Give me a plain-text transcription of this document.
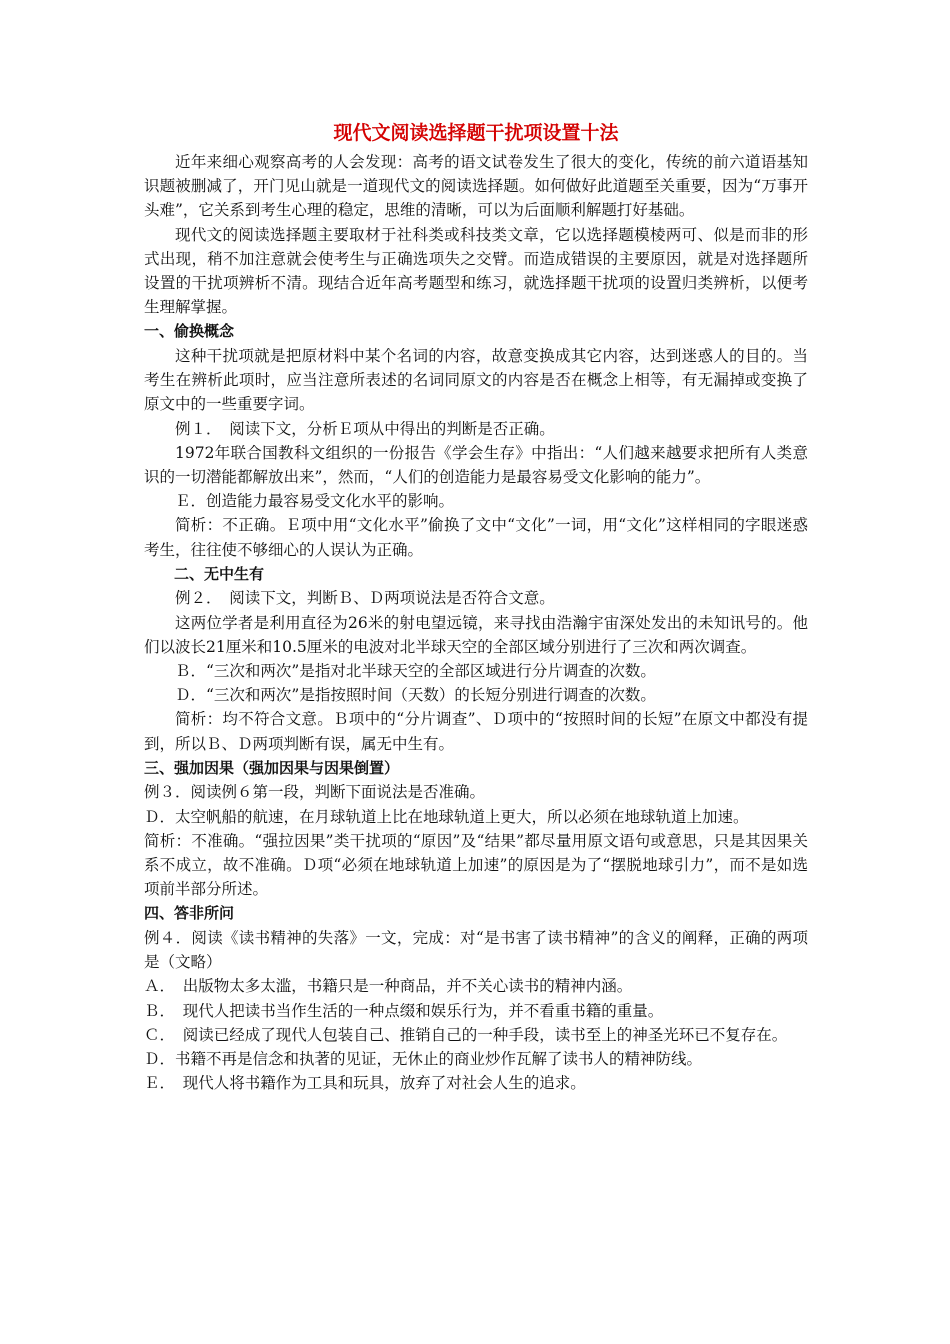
现代文阅读选择题干扰项设置十法

近年来细心观察高考的人会发现：高考的语文试卷发生了很大的变化，传统的前六道语基知识题被删减了，开门见山就是一道现代文的阅读选择题。如何做好此道题至关重要，因为“万事开头难”，它关系到考生心理的稳定，思维的清晰，可以为后面顺利解题打好基础。

现代文的阅读选择题主要取材于社科类或科技类文章，它以选择题模棱两可、似是而非的形式出现，稍不加注意就会使考生与正确选项失之交臂。而造成错误的主要原因，就是对选择题所设置的干扰项辨析不清。现结合近年高考题型和练习，就选择题干扰项的设置归类辨析，以便考生理解掌握。

一、偷换概念

这种干扰项就是把原材料中某个名词的内容，故意变换成其它内容，达到迷惑人的目的。当考生在辨析此项时，应当注意所表述的名词同原文的内容是否在概念上相等，有无漏掉或变换了原文中的一些重要字词。

例１．　阅读下文，分析Ｅ项从中得出的判断是否正确。

1972年联合国教科文组织的一份报告《学会生存》中指出：“人们越来越要求把所有人类意识的一切潜能都解放出来”，然而，“人们的创造能力是最容易受文化影响的能力”。

Ｅ．创造能力最容易受文化水平的影响。

简析：不正确。Ｅ项中用“文化水平”偷换了文中“文化”一词，用“文化”这样相同的字眼迷惑考生，往往使不够细心的人误认为正确。

二、无中生有

例２．　阅读下文，判断Ｂ、Ｄ两项说法是否符合文意。

这两位学者是利用直径为26米的射电望远镜，来寻找由浩瀚宇宙深处发出的未知讯号的。他们以波长21厘米和10.5厘米的电波对北半球天空的全部区域分别进行了三次和两次调查。

Ｂ．“三次和两次”是指对北半球天空的全部区域进行分片调查的次数。

Ｄ．“三次和两次”是指按照时间（天数）的长短分别进行调查的次数。

简析：均不符合文意。Ｂ项中的“分片调查”、Ｄ项中的“按照时间的长短”在原文中都没有提到，所以Ｂ、Ｄ两项判断有误，属无中生有。

三、强加因果（强加因果与因果倒置）

例３．阅读例６第一段，判断下面说法是否准确。

Ｄ．太空帆船的航速，在月球轨道上比在地球轨道上更大，所以必须在地球轨道上加速。

简析：不准确。“强拉因果”类干扰项的“原因”及“结果”都尽量用原文语句或意思，只是其因果关系不成立，故不准确。Ｄ项“必须在地球轨道上加速”的原因是为了“摆脱地球引力”，而不是如选项前半部分所述。

四、答非所问

例４．阅读《读书精神的失落》一文，完成：对“是书害了读书精神”的含义的阐释，正确的两项是（文略）

Ａ．　出版物太多太滥，书籍只是一种商品，并不关心读书的精神内涵。

Ｂ．　现代人把读书当作生活的一种点缀和娱乐行为，并不看重书籍的重量。

Ｃ．　阅读已经成了现代人包装自己、推销自己的一种手段，读书至上的神圣光环已不复存在。

Ｄ．书籍不再是信念和执著的见证，无休止的商业炒作瓦解了读书人的精神防线。

Ｅ．　现代人将书籍作为工具和玩具，放弃了对社会人生的追求。
